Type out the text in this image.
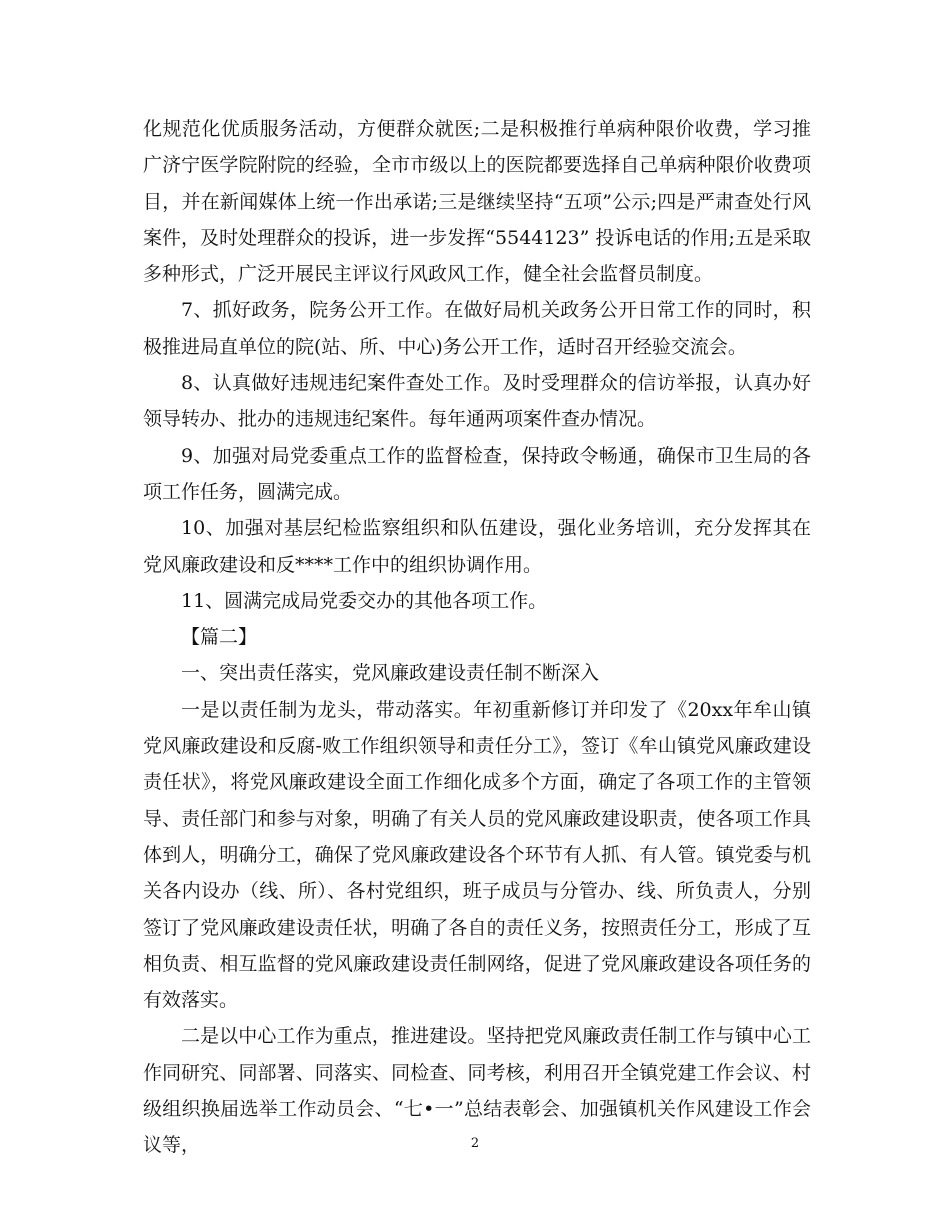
化规范化优质服务活动，方便群众就医;二是积极推行单病种限价收费，学习推广济宁医学院附院的经验，全市市级以上的医院都要选择自己单病种限价收费项目，并在新闻媒体上统一作出承诺;三是继续坚持“五项”公示;四是严肃查处行风案件，及时处理群众的投诉，进一步发挥“5544123” 投诉电话的作用;五是采取多种形式，广泛开展民主评议行风政风工作，健全社会监督员制度。

7、抓好政务，院务公开工作。在做好局机关政务公开日常工作的同时，积极推进局直单位的院(站、所、中心)务公开工作，适时召开经验交流会。

8、认真做好违规违纪案件查处工作。及时受理群众的信访举报，认真办好领导转办、批办的违规违纪案件。每年通两项案件查办情况。

9、加强对局党委重点工作的监督检查，保持政令畅通，确保市卫生局的各项工作任务，圆满完成。

10、加强对基层纪检监察组织和队伍建设，强化业务培训，充分发挥其在党风廉政建设和反****工作中的组织协调作用。

11、圆满完成局党委交办的其他各项工作。

【篇二】

一、突出责任落实，党风廉政建设责任制不断深入

一是以责任制为龙头，带动落实。年初重新修订并印发了《20xx年牟山镇党风廉政建设和反腐-败工作组织领导和责任分工》，签订《牟山镇党风廉政建设责任状》，将党风廉政建设全面工作细化成多个方面，确定了各项工作的主管领导、责任部门和参与对象，明确了有关人员的党风廉政建设职责，使各项工作具体到人，明确分工，确保了党风廉政建设各个环节有人抓、有人管。镇党委与机关各内设办（线、所）、各村党组织，班子成员与分管办、线、所负责人，分别签订了党风廉政建设责任状，明确了各自的责任义务，按照责任分工，形成了互相负责、相互监督的党风廉政建设责任制网络，促进了党风廉政建设各项任务的有效落实。

二是以中心工作为重点，推进建设。坚持把党风廉政责任制工作与镇中心工作同研究、同部署、同落实、同检查、同考核，利用召开全镇党建工作会议、村级组织换届选举工作动员会、“七•一”总结表彰会、加强镇机关作风建设工作会议等，	2
